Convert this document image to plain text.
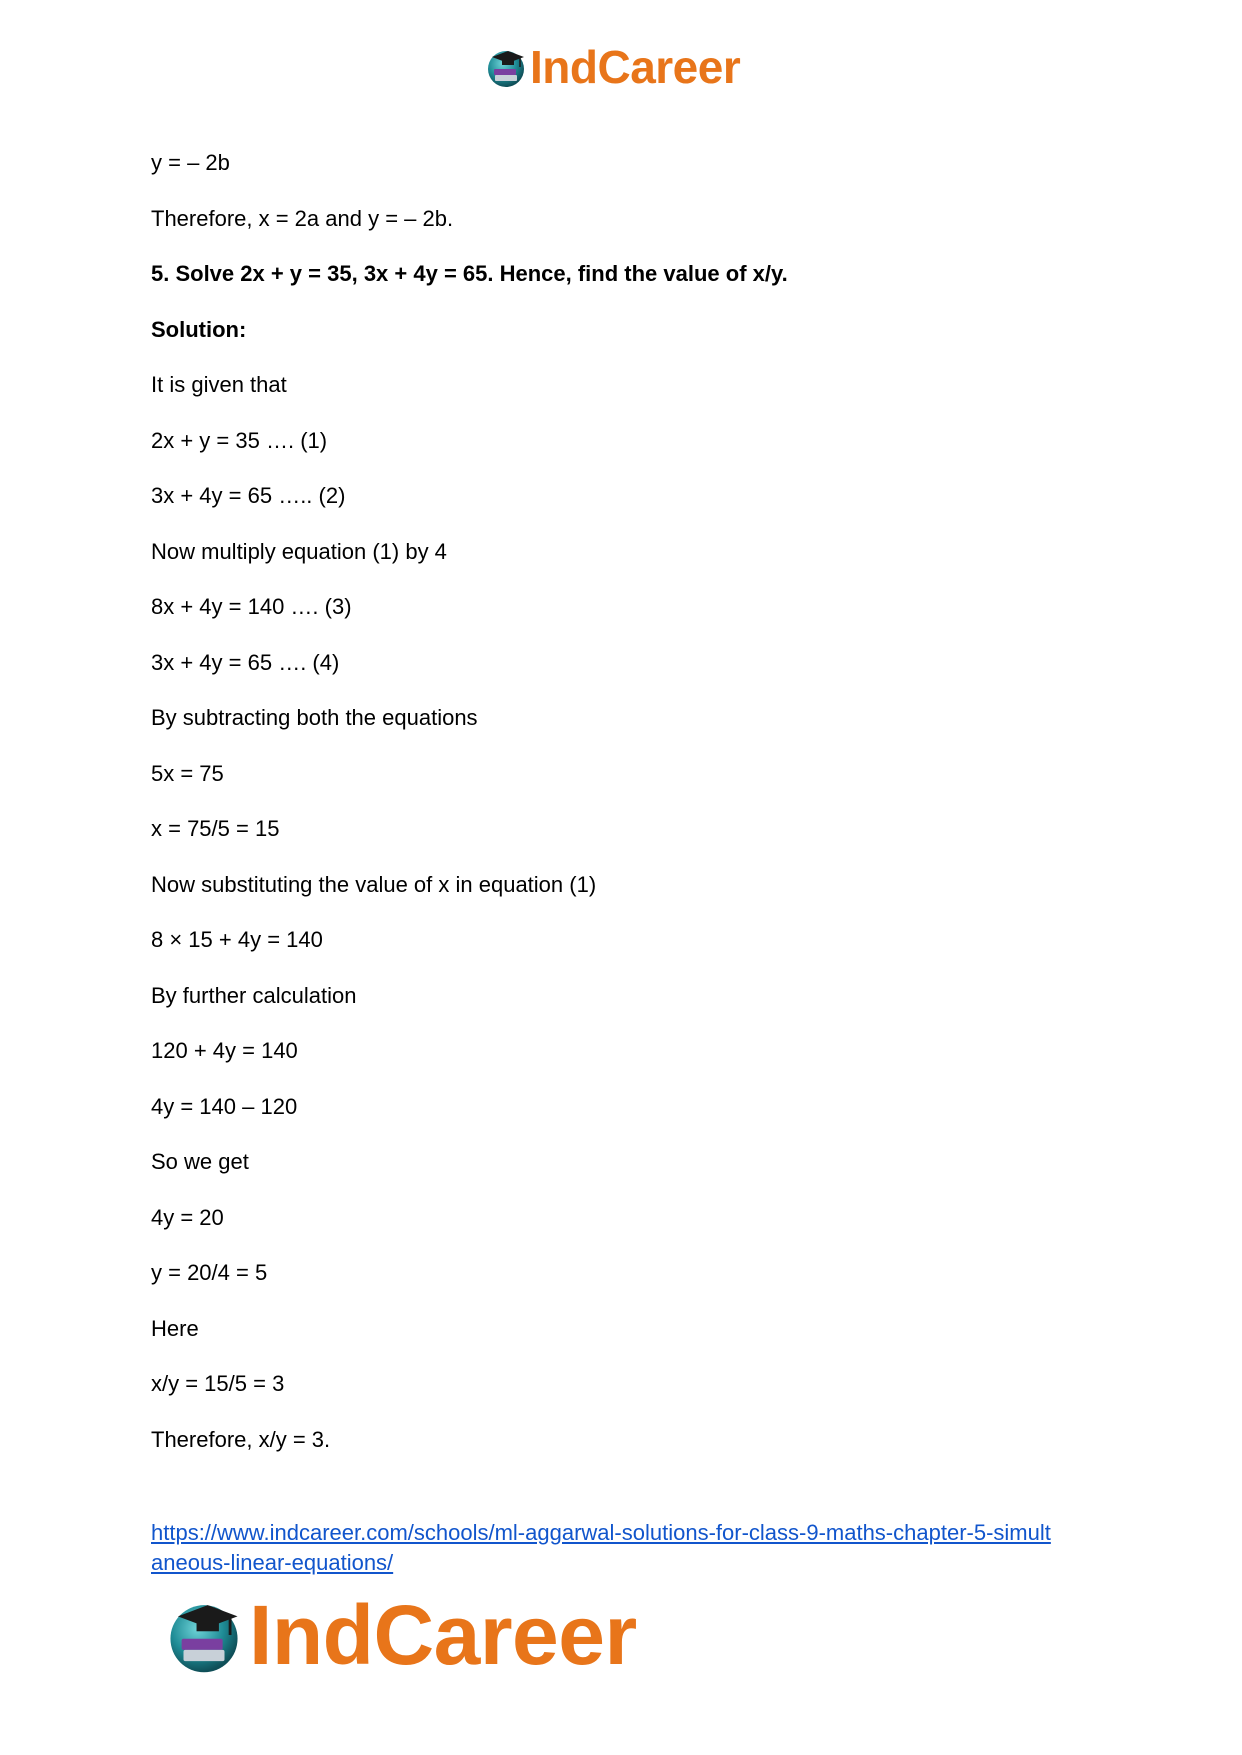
IndCareer
y = – 2b
Therefore, x = 2a and y = – 2b.
5. Solve 2x + y = 35, 3x + 4y = 65. Hence, find the value of x/y.
Solution:
It is given that
2x + y = 35 …. (1)
3x + 4y = 65 ….. (2)
Now multiply equation (1) by 4
8x + 4y = 140 …. (3)
3x + 4y = 65 …. (4)
By subtracting both the equations
5x = 75
x = 75/5 = 15
Now substituting the value of x in equation (1)
8 × 15 + 4y = 140
By further calculation
120 + 4y = 140
4y = 140 – 120
So we get
4y = 20
y = 20/4 = 5
Here
x/y = 15/5 = 3
Therefore, x/y = 3.
https://www.indcareer.com/schools/ml-aggarwal-solutions-for-class-9-maths-chapter-5-simult
aneous-linear-equations/
IndCareer
